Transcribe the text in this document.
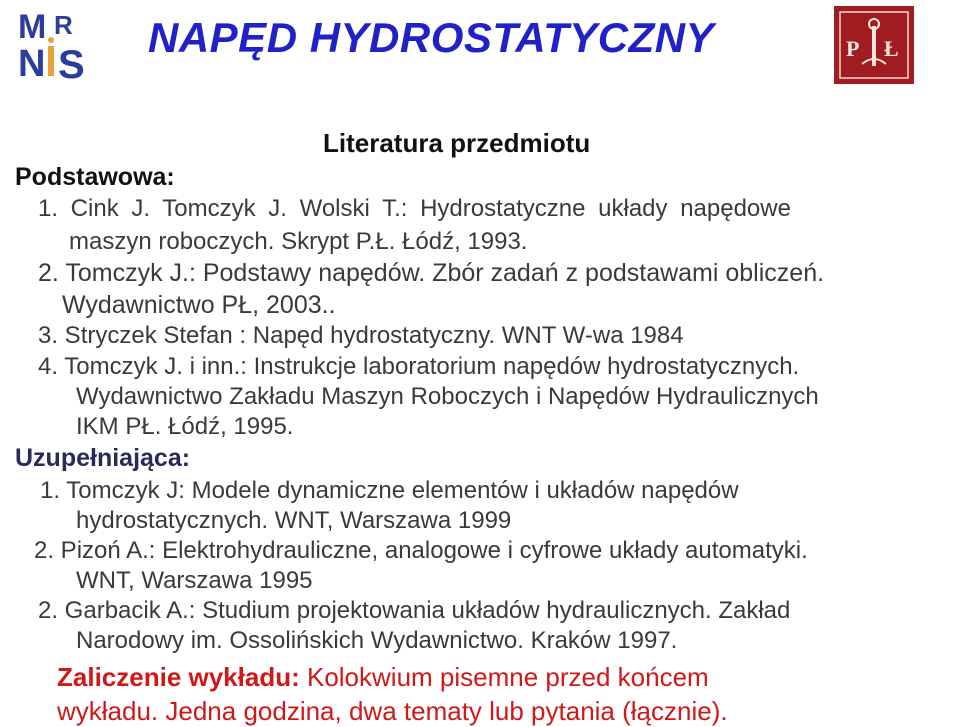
M R
N S
NAPĘD HYDROSTATYCZNY	P Ł
Literatura przedmiotu
Podstawowa:
1. Cink J. Tomczyk J. Wolski T.: Hydrostatyczne układy napędowe
maszyn roboczych. Skrypt P.Ł. Łódź, 1993.
2. Tomczyk J.: Podstawy napędów. Zbór zadań z podstawami obliczeń.
Wydawnictwo PŁ, 2003..
3. Stryczek Stefan : Napęd hydrostatyczny. WNT W-wa 1984
4. Tomczyk J. i inn.: Instrukcje laboratorium napędów hydrostatycznych.
Wydawnictwo Zakładu Maszyn Roboczych i Napędów Hydraulicznych
IKM PŁ. Łódź, 1995.
Uzupełniająca:
1. Tomczyk J: Modele dynamiczne elementów i układów napędów
hydrostatycznych. WNT, Warszawa 1999
2. Pizoń A.: Elektrohydrauliczne, analogowe i cyfrowe układy automatyki.
WNT, Warszawa 1995
2. Garbacik A.: Studium projektowania układów hydraulicznych. Zakład
Narodowy im. Ossolińskich Wydawnictwo. Kraków 1997.
Zaliczenie wykładu: Kolokwium pisemne przed końcem
wykładu. Jedna godzina, dwa tematy lub pytania (łącznie).
